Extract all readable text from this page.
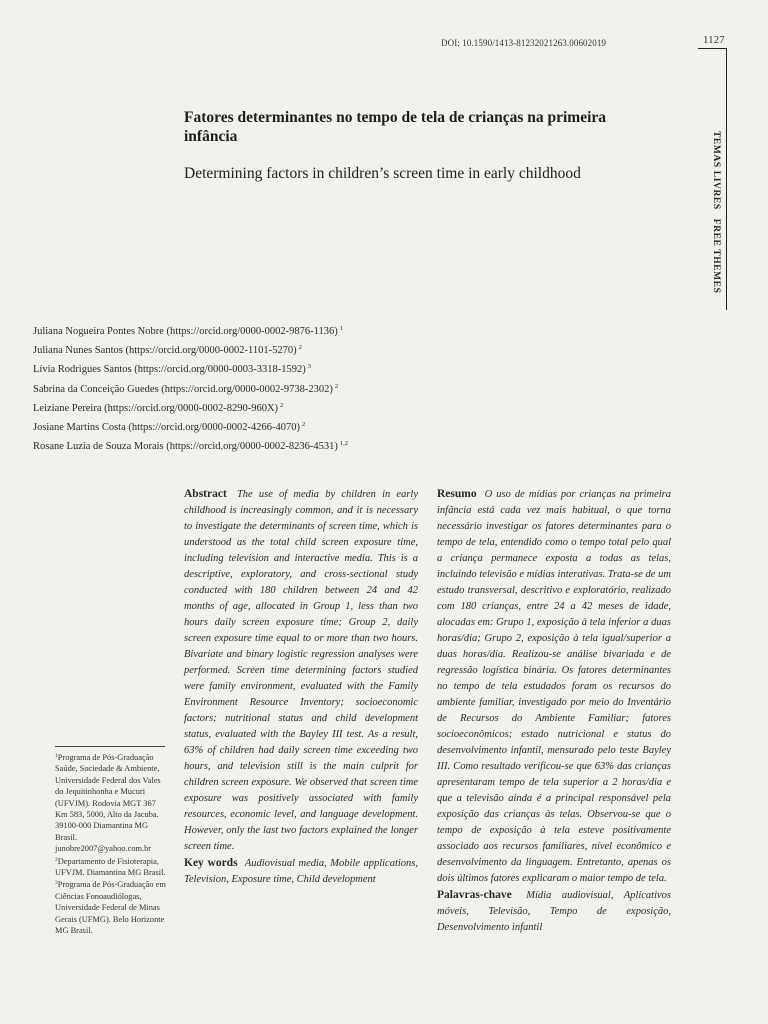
DOI: 10.1590/1413-81232021263.00602019	1127
TEMAS LIVRES FREE THEMES
Fatores determinantes no tempo de tela de crianças na primeira infância
Determining factors in children’s screen time in early childhood
Juliana Nogueira Pontes Nobre (https://orcid.org/0000-0002-9876-1136) $^1$
Juliana Nunes Santos (https://orcid.org/0000-0002-1101-5270) $^2$
Lívia Rodrigues Santos (https://orcid.org/0000-0003-3318-1592) $^3$
Sabrina da Conceição Guedes (https://orcid.org/0000-0002-9738-2302) $^2$
Leiziane Pereira (https://orcid.org/0000-0002-8290-960X) $^2$
Josiane Martins Costa (https://orcid.org/0000-0002-4266-4070) $^2$
Rosane Luzia de Souza Morais (https://orcid.org/0000-0002-8236-4531) $^{1,2}$
Abstract The use of media by children in early childhood is increasingly common, and it is necessary to investigate the determinants of screen time, which is understood as the total child screen exposure time, including television and interactive media. This is a descriptive, exploratory, and cross-sectional study conducted with 180 children between 24 and 42 months of age, allocated in Group 1, less than two hours daily screen exposure time; Group 2, daily screen exposure time equal to or more than two hours. Bivariate and binary logistic regression analyses were performed. Screen time determining factors studied were family environment, evaluated with the Family Environment Resource Inventory; socioeconomic factors; nutritional status and child development status, evaluated with the Bayley III test. As a result, 63% of children had daily screen time exceeding two hours, and television still is the main culprit for children screen exposure. We observed that screen time exposure was positively associated with family resources, economic level, and language development. However, only the last two factors explained the longer screen time.
Key words Audiovisual media, Mobile applications, Television, Exposure time, Child development
Resumo O uso de mídias por crianças na primeira infância está cada vez mais habitual, o que torna necessário investigar os fatores determinantes para o tempo de tela, entendido como o tempo total pelo qual a criança permanece exposta a todas as telas, incluindo televisão e mídias interativas. Trata-se de um estudo transversal, descritivo e exploratório, realizado com 180 crianças, entre 24 a 42 meses de idade, alocadas em: Grupo 1, exposição à tela inferior a duas horas/dia; Grupo 2, exposição à tela igual/superior a duas horas/dia. Realizou-se análise bivariada e de regressão logística binária. Os fatores determinantes no tempo de tela estudados foram os recursos do ambiente familiar, investigado por meio do Inventário de Recursos do Ambiente Familiar; fatores socioeconômicos; estado nutricional e status do desenvolvimento infantil, mensurado pelo teste Bayley III. Como resultado verificou-se que 63% das crianças apresentaram tempo de tela superior a 2 horas/dia e que a televisão ainda é a principal responsável pela exposição das crianças às telas. Observou-se que o tempo de exposição à tela esteve positivamente associado aos recursos familiares, nível econômico e desenvolvimento da linguagem. Entretanto, apenas os dois últimos fatores explicaram o maior tempo de tela.
Palavras-chave Mídia audiovisual, Aplicativos móveis, Televisão, Tempo de exposição, Desenvolvimento infantil
$^1$Programa de Pós-Graduação Saúde, Sociedade & Ambiente, Universidade Federal dos Vales do Jequitinhonha e Mucuri (UFVJM). Rodovia MGT 367 Km 583, 5000, Alto da Jacuba. 39100-000 Diamantina MG Brasil. junobre2007@yahoo.com.br
$^2$Departamento de Fisioterapia, UFVJM. Diamantina MG Brasil.
$^3$Programa de Pós-Graduação em Ciências Fonoaudiólogas, Universidade Federal de Minas Gerais (UFMG). Belo Horizonte MG Brasil.
